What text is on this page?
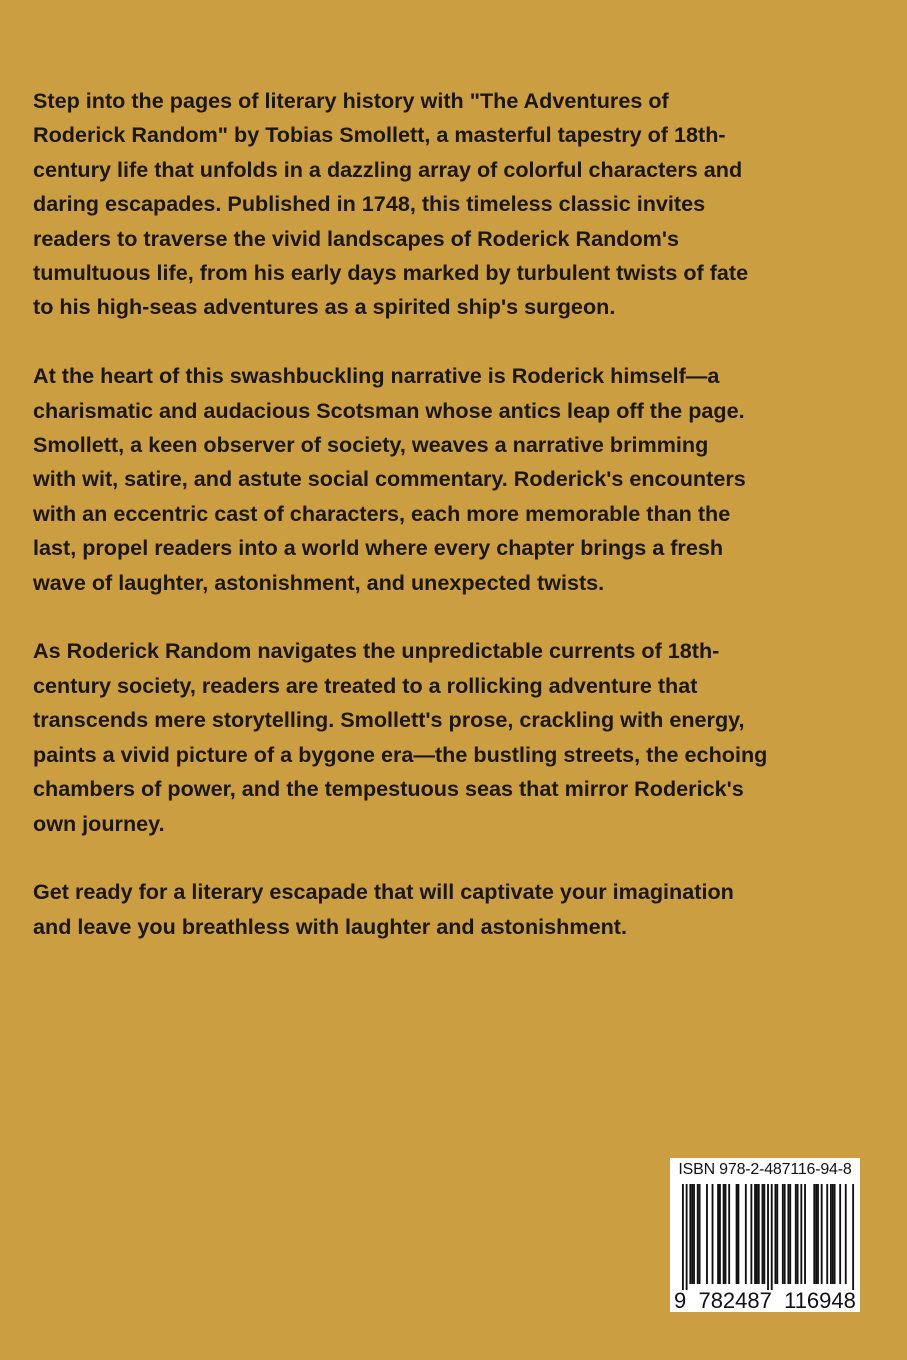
Step into the pages of literary history with "The Adventures of
Roderick Random" by Tobias Smollett, a masterful tapestry of 18th-
century life that unfolds in a dazzling array of colorful characters and
daring escapades. Published in 1748, this timeless classic invites
readers to traverse the vivid landscapes of Roderick Random's
tumultuous life, from his early days marked by turbulent twists of fate
to his high-seas adventures as a spirited ship's surgeon.

At the heart of this swashbuckling narrative is Roderick himself—a
charismatic and audacious Scotsman whose antics leap off the page.
Smollett, a keen observer of society, weaves a narrative brimming
with wit, satire, and astute social commentary. Roderick's encounters
with an eccentric cast of characters, each more memorable than the
last, propel readers into a world where every chapter brings a fresh
wave of laughter, astonishment, and unexpected twists.

As Roderick Random navigates the unpredictable currents of 18th-
century society, readers are treated to a rollicking adventure that
transcends mere storytelling. Smollett's prose, crackling with energy,
paints a vivid picture of a bygone era—the bustling streets, the echoing
chambers of power, and the tempestuous seas that mirror Roderick's
own journey.

Get ready for a literary escapade that will captivate your imagination
and leave you breathless with laughter and astonishment.

ISBN 978-2-487116-94-8
9  782487  116948
